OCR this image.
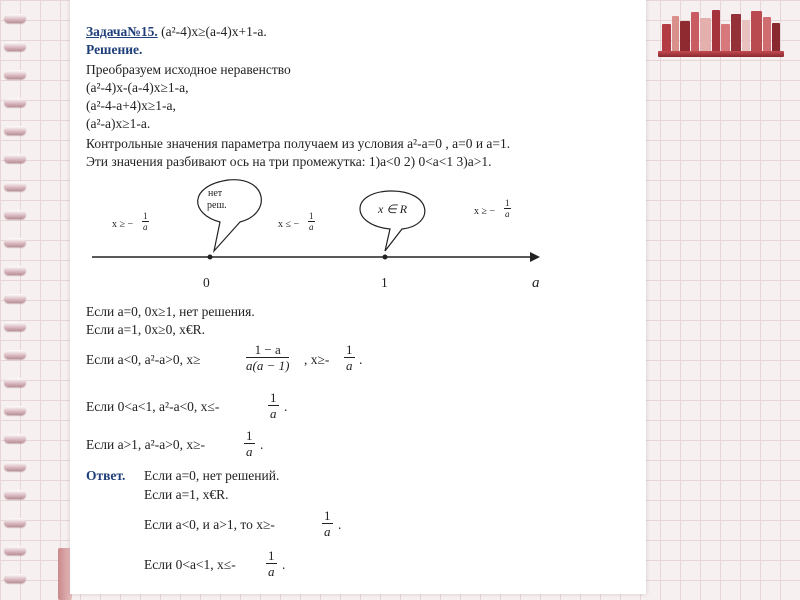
Задача№15. (a²-4)x≥(a-4)x+1-a.
Решение.
Преобразуем исходное неравенство
(a²-4)x-(a-4)x≥1-a,
(a²-4-a+4)x≥1-a,
(a²-a)x≥1-a.
Контрольные значения параметра получаем из условия a²-a=0 , a=0 и a=1.
Эти значения разбивают ось на три промежутка: 1)a<0 2) 0<a<1 3)a>1.
x ≥ − $\frac{1}{a}$	x ≤ − $\frac{1}{a}$	x ≥ − $\frac{1}{a}$
нет
реш.	x ∈ R
0	1	a
Если a=0, 0x≥1, нет решения.
Если a=1, 0x≥0, x€R.
Если a<0, a²-a>0, x≥	$\frac{1 - a}{a(a - 1)}$ , $x\ge- \frac{1}{a}$ .
Если 0<a<1, a²-a<0, x≤-	$\frac{1}{a}$ .
Если a>1, a²-a>0, x≥-	$\frac{1}{a}$ .
Ответ. Если a=0, нет решений.
Если a=1, x€R.
Если a<0, и a>1, то x≥-	$\frac{1}{a}$ .
Если 0<a<1, $x\le- \frac{1}{a}$ .
